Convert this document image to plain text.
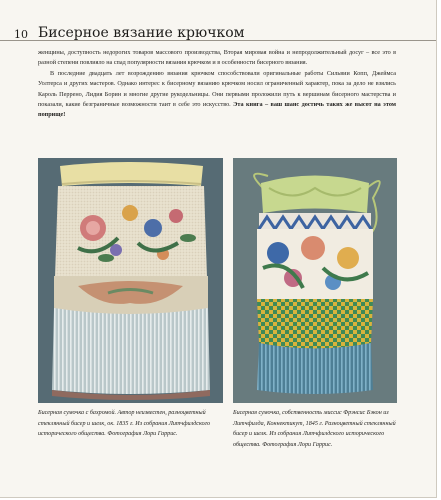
10 Бисерное вязание крючком

женщины, доступность недорогих товаров массового производства, Вторая мировая война и непродолжительный досуг – все это в разной степени повлияло на спад популярности вязания крючком и в особенности бисерного вязания.

В последние двадцать лет возрождению вязания крючком способствовали оригинальные работы Сильвии Копп, Джеймса Уолтерса и других мастеров. Однако интерес к бисерному вязанию крючком носил ограниченный характер, пока за дело не взялись Кароль Перрено, Лидия Борин и многие другие рукодельницы. Они первыми проложили путь к вершинам бисерного мастерства и показали, какие безграничные возможности таит в себе это искусство. Эта книга – ваш шанс достичь таких же высот на этом поприще!

Бисерная сумочка с бахромой. Автор неизвестен, разноцветный стеклянный бисер и шелк, ок. 1835 г. Из собрания Литчфилдского исторического общества. Фотография Лори Гаррис.
Бисерная сумочка, собственность миссис Фрэнсис Бэкон из Литчфилда, Коннектикут, 1845 г. Разноцветный стеклянный бисер и шелк. Из собрания Литчфилдского исторического общества. Фотография Лори Гаррис.
